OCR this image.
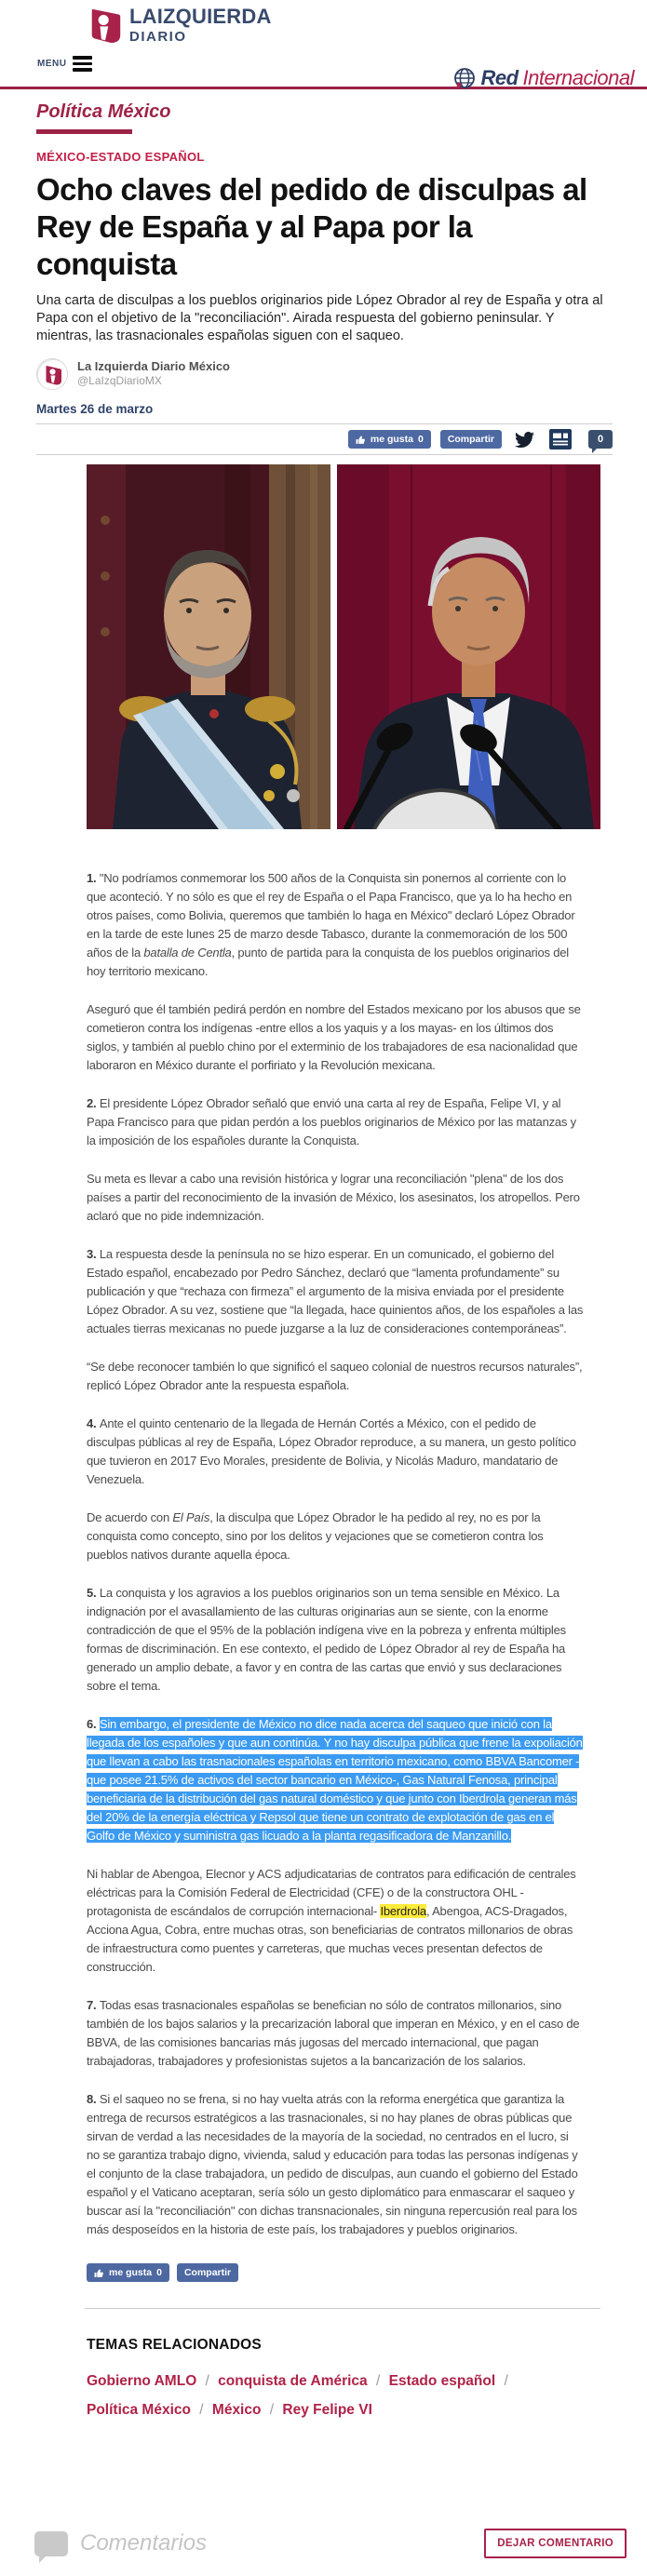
LAIZQUIERDA
DIARIO
MENU
Red Internacional
Política México
MÉXICO-ESTADO ESPAÑOL
Ocho claves del pedido de disculpas al Rey de España y al Papa por la conquista

Una carta de disculpas a los pueblos originarios pide López Obrador al rey de España y otra al Papa con el objetivo de la "reconciliación". Airada respuesta del gobierno peninsular. Y mientras, las trasnacionales españolas siguen con el saqueo.

La Izquierda Diario México
@LaIzqDiarioMX
Martes 26 de marzo
me gusta 0 Compartir	0

1. "No podríamos conmemorar los 500 años de la Conquista sin ponernos al corriente con lo que aconteció. Y no sólo es que el rey de España o el Papa Francisco, que ya lo ha hecho en otros países, como Bolivia, queremos que también lo haga en México" declaró López Obrador en la tarde de este lunes 25 de marzo desde Tabasco, durante la conmemoración de los 500 años de la batalla de Centla, punto de partida para la conquista de los pueblos originarios del hoy territorio mexicano.

Aseguró que él también pedirá perdón en nombre del Estados mexicano por los abusos que se cometieron contra los indígenas -entre ellos a los yaquis y a los mayas- en los últimos dos siglos, y también al pueblo chino por el exterminio de los trabajadores de esa nacionalidad que laboraron en México durante el porfiriato y la Revolución mexicana.

2. El presidente López Obrador señaló que envió una carta al rey de España, Felipe VI, y al Papa Francisco para que pidan perdón a los pueblos originarios de México por las matanzas y la imposición de los españoles durante la Conquista.

Su meta es llevar a cabo una revisión histórica y lograr una reconciliación "plena" de los dos países a partir del reconocimiento de la invasión de México, los asesinatos, los atropellos. Pero aclaró que no pide indemnización.

3. La respuesta desde la península no se hizo esperar. En un comunicado, el gobierno del Estado español, encabezado por Pedro Sánchez, declaró que “lamenta profundamente” su publicación y que “rechaza con firmeza” el argumento de la misiva enviada por el presidente López Obrador. A su vez, sostiene que “la llegada, hace quinientos años, de los españoles a las actuales tierras mexicanas no puede juzgarse a la luz de consideraciones contemporáneas”.

“Se debe reconocer también lo que significó el saqueo colonial de nuestros recursos naturales”, replicó López Obrador ante la respuesta española.

4. Ante el quinto centenario de la llegada de Hernán Cortés a México, con el pedido de disculpas públicas al rey de España, López Obrador reproduce, a su manera, un gesto político que tuvieron en 2017 Evo Morales, presidente de Bolivia, y Nicolás Maduro, mandatario de Venezuela.

De acuerdo con El País, la disculpa que López Obrador le ha pedido al rey, no es por la conquista como concepto, sino por los delitos y vejaciones que se cometieron contra los pueblos nativos durante aquella época.

5. La conquista y los agravios a los pueblos originarios son un tema sensible en México. La indignación por el avasallamiento de las culturas originarias aun se siente, con la enorme contradicción de que el 95% de la población indígena vive en la pobreza y enfrenta múltiples formas de discriminación. En ese contexto, el pedido de López Obrador al rey de España ha generado un amplio debate, a favor y en contra de las cartas que envió y sus declaraciones sobre el tema.

6. Sin embargo, el presidente de México no dice nada acerca del saqueo que inició con la llegada de los españoles y que aun continúa. Y no hay disculpa pública que frene la expoliación que llevan a cabo las trasnacionales españolas en territorio mexicano, como BBVA Bancomer -que posee 21.5% de activos del sector bancario en México-, Gas Natural Fenosa, principal beneficiaria de la distribución del gas natural doméstico y que junto con Iberdrola generan más del 20% de la energía eléctrica y Repsol que tiene un contrato de explotación de gas en el Golfo de México y suministra gas licuado a la planta regasificadora de Manzanillo.

Ni hablar de Abengoa, Elecnor y ACS adjudicatarias de contratos para edificación de centrales eléctricas para la Comisión Federal de Electricidad (CFE) o de la constructora OHL -protagonista de escándalos de corrupción internacional- Iberdrola, Abengoa, ACS-Dragados, Acciona Agua, Cobra, entre muchas otras, son beneficiarias de contratos millonarios de obras de infraestructura como puentes y carreteras, que muchas veces presentan defectos de construcción.

7. Todas esas trasnacionales españolas se benefician no sólo de contratos millonarios, sino también de los bajos salarios y la precarización laboral que imperan en México, y en el caso de BBVA, de las comisiones bancarias más jugosas del mercado internacional, que pagan trabajadoras, trabajadores y profesionistas sujetos a la bancarización de los salarios.

8. Si el saqueo no se frena, si no hay vuelta atrás con la reforma energética que garantiza la entrega de recursos estratégicos a las trasnacionales, si no hay planes de obras públicas que sirvan de verdad a las necesidades de la mayoría de la sociedad, no centrados en el lucro, si no se garantiza trabajo digno, vivienda, salud y educación para todas las personas indígenas y el conjunto de la clase trabajadora, un pedido de disculpas, aun cuando el gobierno del Estado español y el Vaticano aceptaran, sería sólo un gesto diplomático para enmascarar el saqueo y buscar así la "reconciliación" con dichas transnacionales, sin ninguna repercusión real para los más desposeídos en la historia de este país, los trabajadores y pueblos originarios.

me gusta 0 Compartir
TEMAS RELACIONADOS
Gobierno AMLO / conquista de América / Estado español / Política México / México / Rey Felipe VI
Comentarios	DEJAR COMENTARIO
